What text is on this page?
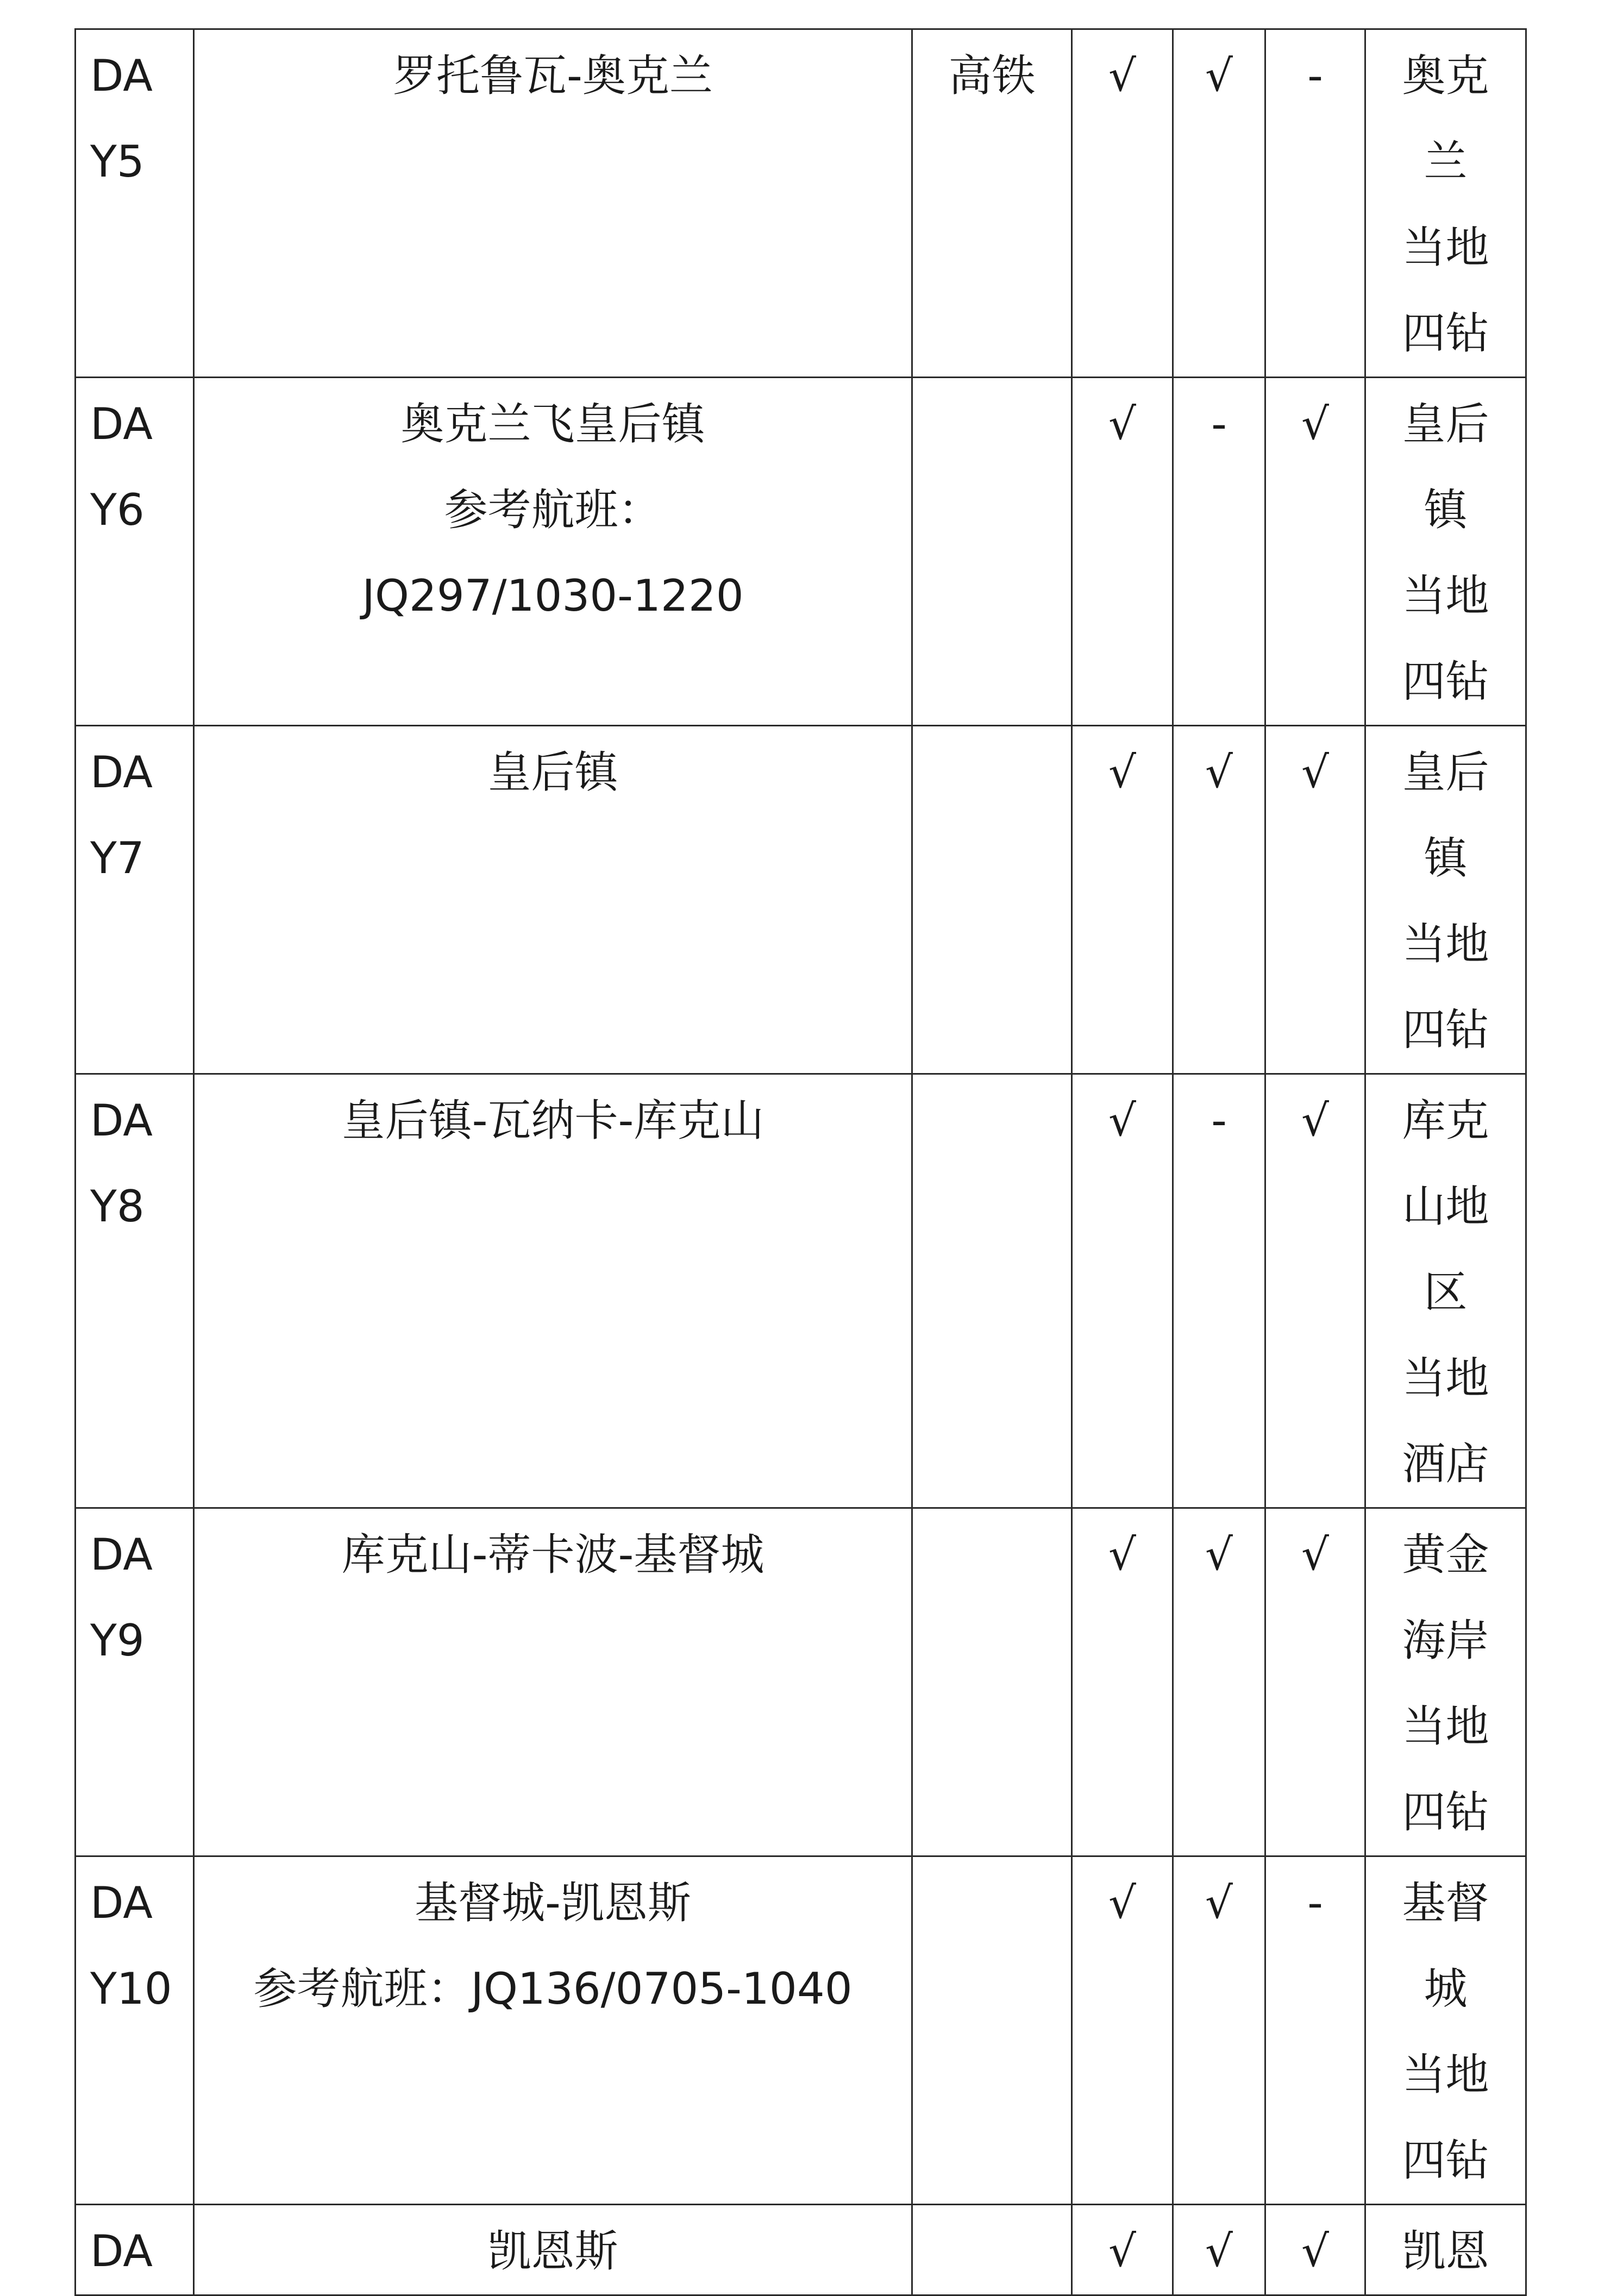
DA
Y5	罗托鲁瓦-奥克兰	高铁	√	√	-	奥克
兰
当地
四钻

DA
Y6	奥克兰飞皇后镇
参考航班：
JQ297/1030-1220		√	-	√	皇后
镇
当地
四钻

DA
Y7	皇后镇		√	√	√	皇后
镇
当地
四钻

DA
Y8	皇后镇-瓦纳卡-库克山		√	-	√	库克
山地
区
当地
酒店

DA
Y9	库克山-蒂卡波-基督城		√	√	√	黄金
海岸
当地
四钻

DA
Y10	基督城-凯恩斯
参考航班：JQ136/0705-1040		√	√	-	基督
城
当地
四钻

DA	凯恩斯		√	√	√	凯恩
